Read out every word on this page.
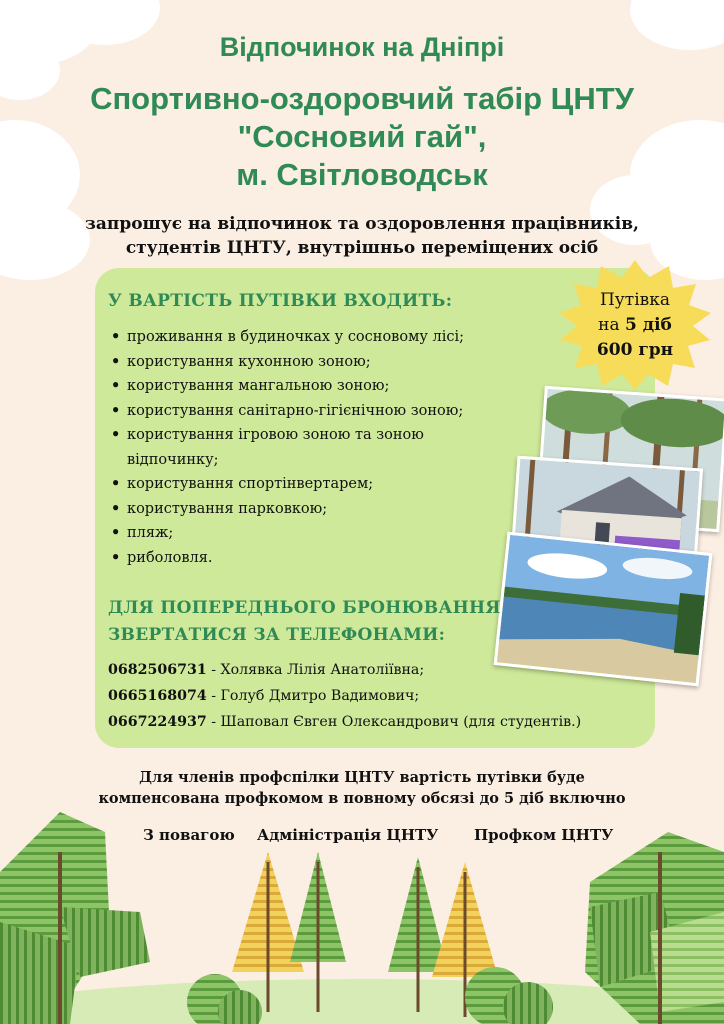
Відпочинок на Дніпрі
Спортивно-оздоровчий табір ЦНТУ
"Сосновий гай",
м. Світловодськ
запрошує на відпочинок та оздоровлення працівників,
студентів ЦНТУ, внутрішньо переміщених осіб
У ВАРТІСТЬ ПУТІВКИ ВХОДИТЬ:
• проживання в будиночках у сосновому лісі;
• користування кухонною зоною;
• користування мангальною зоною;
• користування санітарно-гігієнічною зоною;
• користування ігровою зоною та зоною відпочинку;
• користування спортінвертарем;
• користування парковкою;
• пляж;
• риболовля.
Путівка
на 5 діб
600 грн
ДЛЯ ПОПЕРЕДНЬОГО БРОНЮВАННЯ
ЗВЕРТАТИСЯ ЗА ТЕЛЕФОНАМИ:
0682506731 - Холявка Лілія Анатоліївна;
0665168074 - Голуб Дмитро Вадимович;
0667224937 - Шаповал Євген Олександрович (для студентів.)
Для членів профспілки ЦНТУ вартість путівки буде
компенсована профкомом в повному обсязі до 5 діб включно
З повагою Адміністрація ЦНТУ Профком ЦНТУ
